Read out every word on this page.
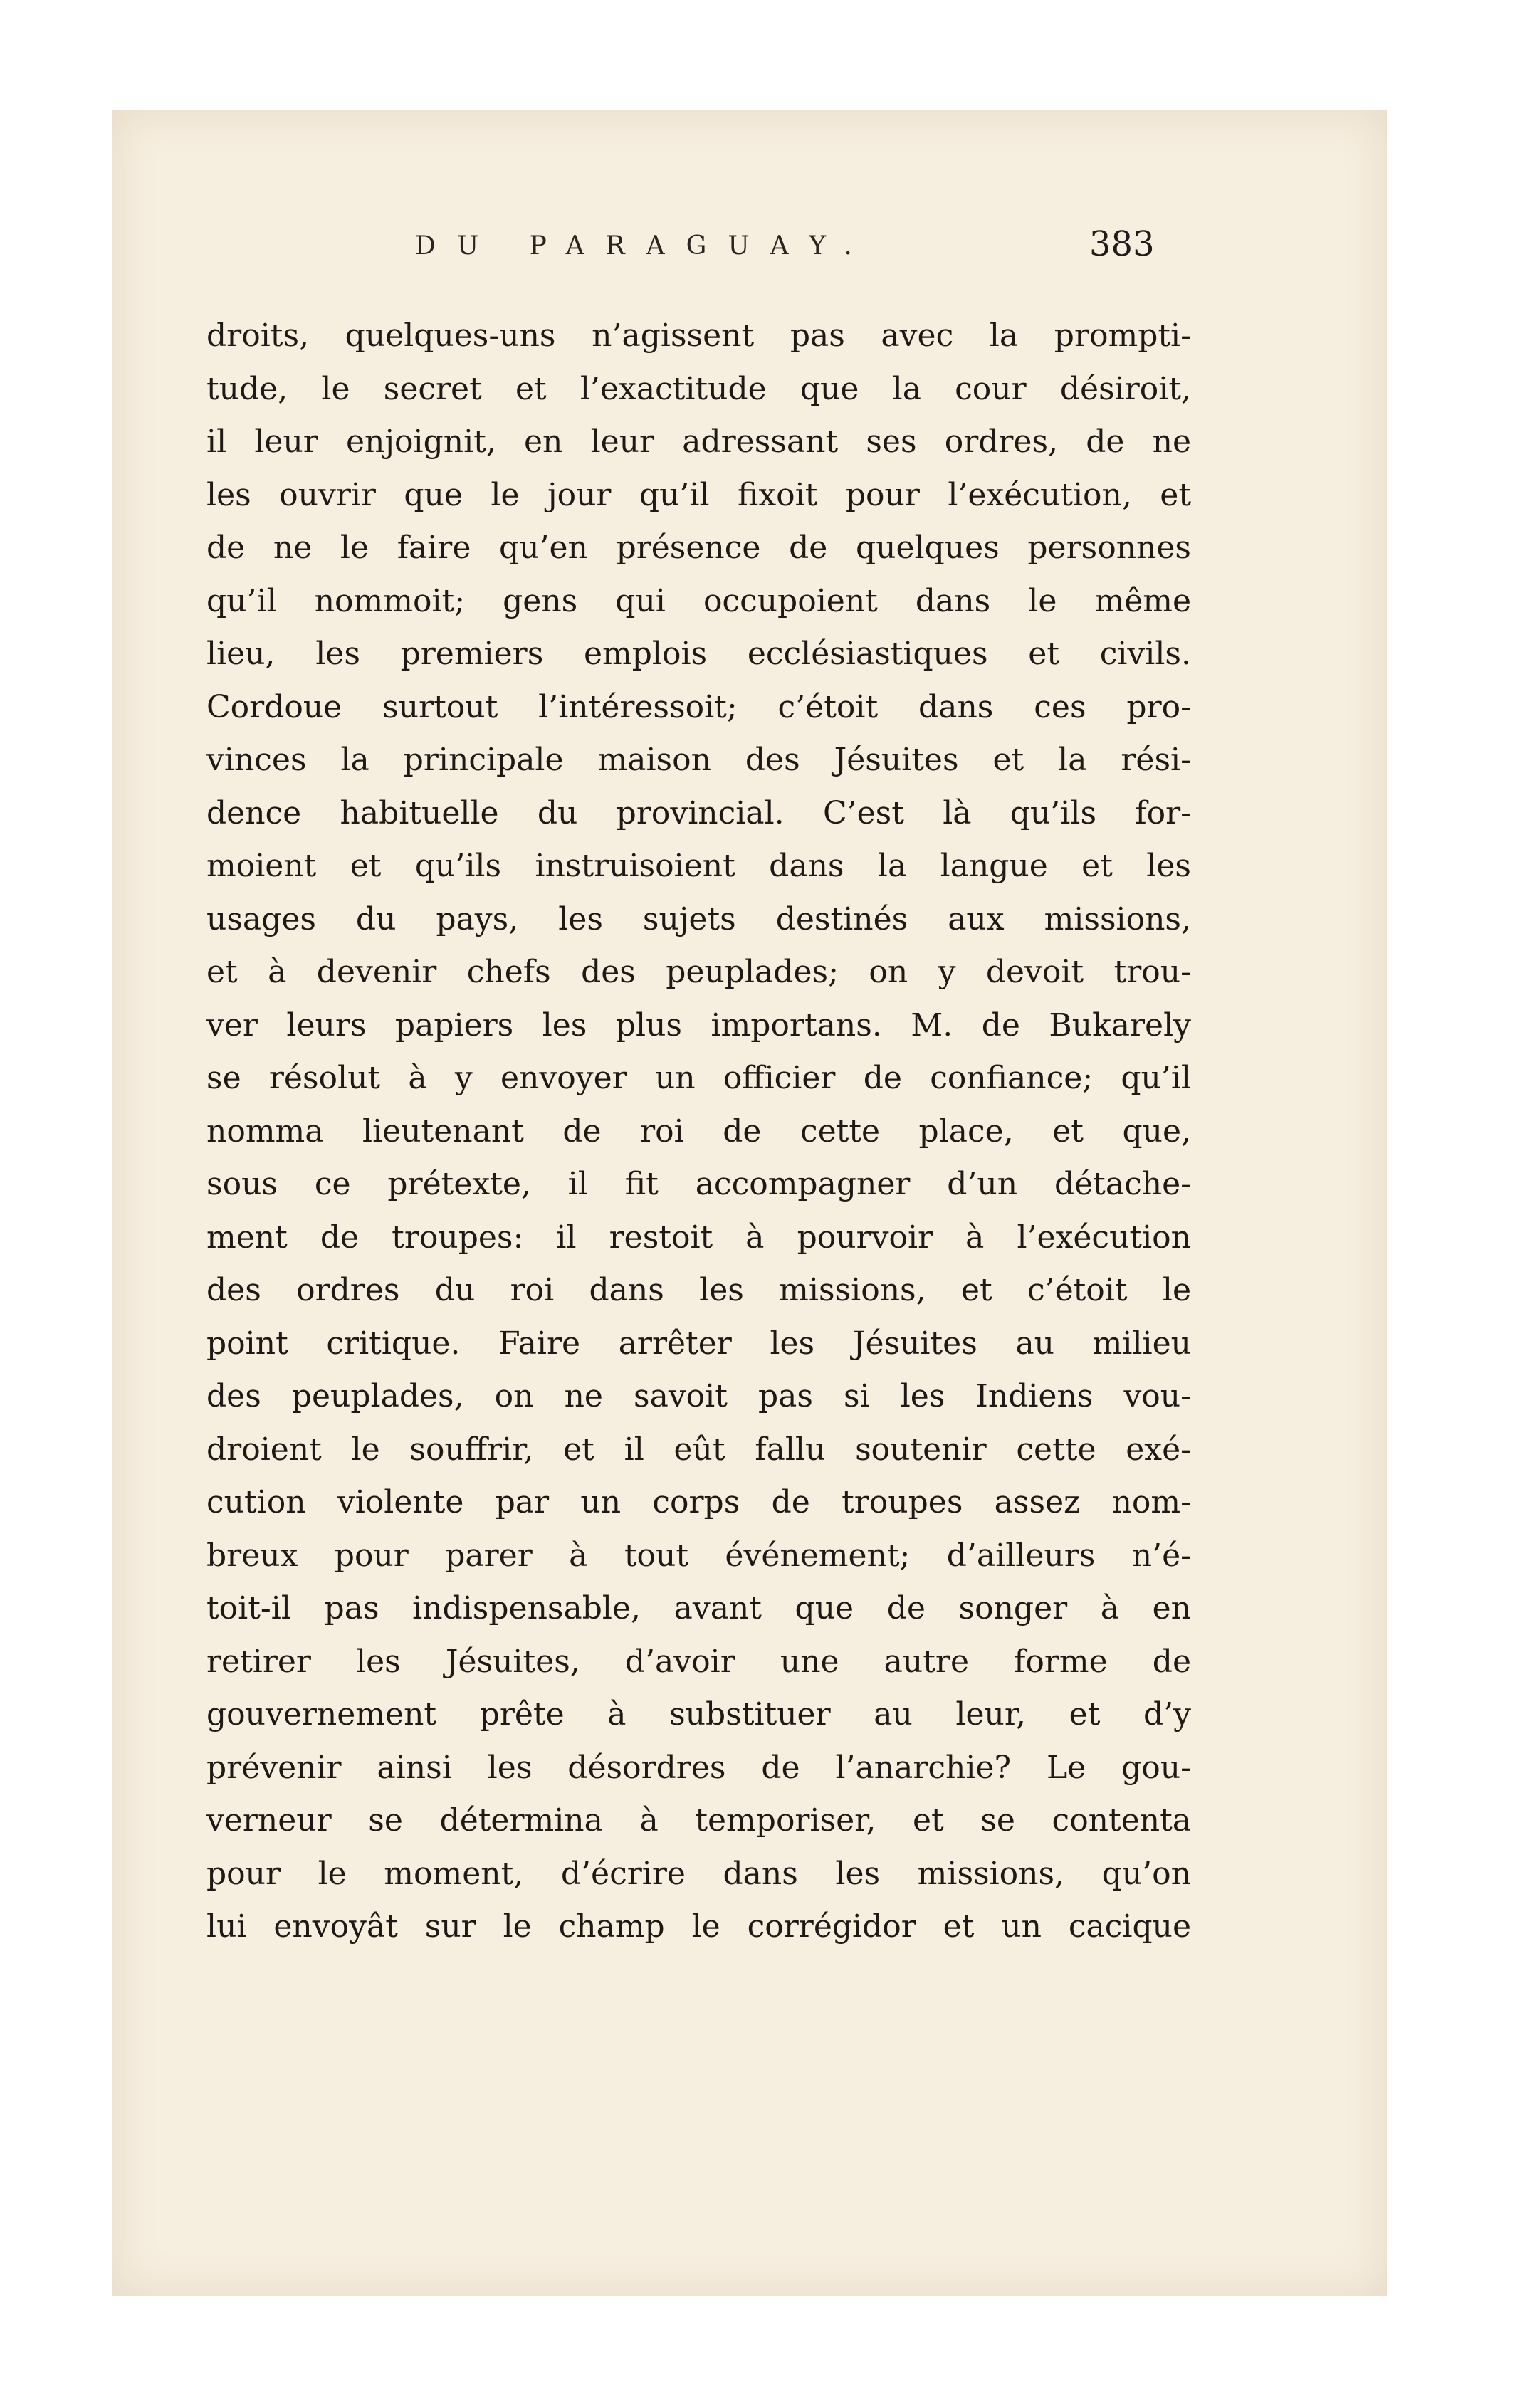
DU PARAGUAY.	383
droits, quelques-uns n’agissent pas avec la prompti-
tude, le secret et l’exactitude que la cour désiroit,
il leur enjoignit, en leur adressant ses ordres, de ne
les ouvrir que le jour qu’il fixoit pour l’exécution, et
de ne le faire qu’en présence de quelques personnes
qu’il nommoit; gens qui occupoient dans le même
lieu, les premiers emplois ecclésiastiques et civils.
Cordoue surtout l’intéressoit; c’étoit dans ces pro-
vinces la principale maison des Jésuites et la rési-
dence habituelle du provincial. C’est là qu’ils for-
moient et qu’ils instruisoient dans la langue et les
usages du pays, les sujets destinés aux missions,
et à devenir chefs des peuplades; on y devoit trou-
ver leurs papiers les plus importans. M. de Bukarely
se résolut à y envoyer un officier de confiance; qu’il
nomma lieutenant de roi de cette place, et que,
sous ce prétexte, il fit accompagner d’un détache-
ment de troupes: il restoit à pourvoir à l’exécution
des ordres du roi dans les missions, et c’étoit le
point critique. Faire arrêter les Jésuites au milieu
des peuplades, on ne savoit pas si les Indiens vou-
droient le souffrir, et il eût fallu soutenir cette exé-
cution violente par un corps de troupes assez nom-
breux pour parer à tout événement; d’ailleurs n’é-
toit-il pas indispensable, avant que de songer à en
retirer les Jésuites, d’avoir une autre forme de
gouvernement prête à substituer au leur, et d’y
prévenir ainsi les désordres de l’anarchie? Le gou-
verneur se détermina à temporiser, et se contenta
pour le moment, d’écrire dans les missions, qu’on
lui envoyât sur le champ le corrégidor et un cacique
